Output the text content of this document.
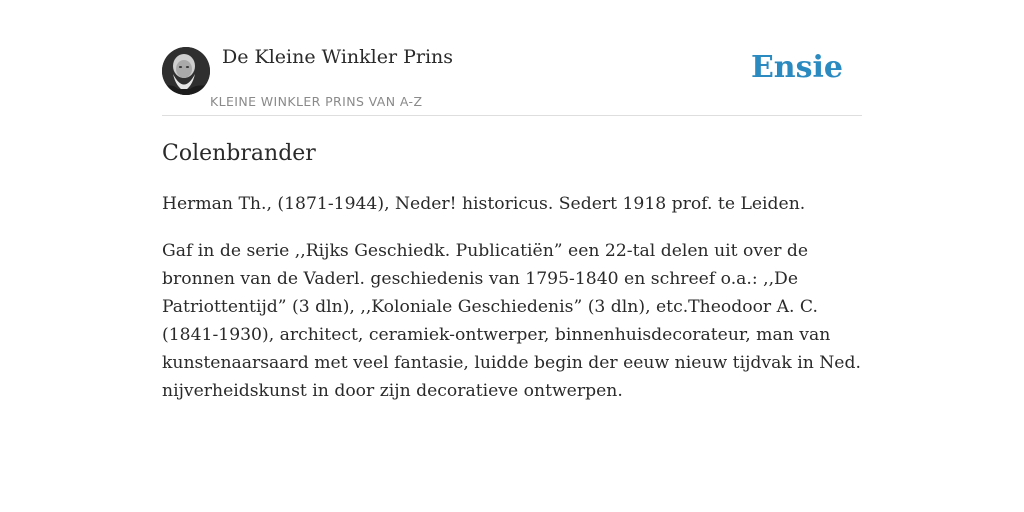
De Kleine Winkler Prins
KLEINE WINKLER PRINS VAN A-Z
Ensie
Colenbrander

Herman Th., (1871-1944), Neder! historicus. Sedert 1918 prof. te Leiden.

Gaf in de serie ,,Rijks Geschiedk. Publicatiën” een 22-tal delen uit over de bronnen van de Vaderl. geschiedenis van 1795-1840 en schreef o.a.: ,,De Patriottentijd” (3 dln), ,,Koloniale Geschiedenis” (3 dln), etc.Theodoor A. C. (1841-1930), architect, ceramiek-ontwerper, binnenhuisdecorateur, man van kunstenaarsaard met veel fantasie, luidde begin der eeuw nieuw tijdvak in Ned. nijverheidskunst in door zijn decoratieve ontwerpen.
